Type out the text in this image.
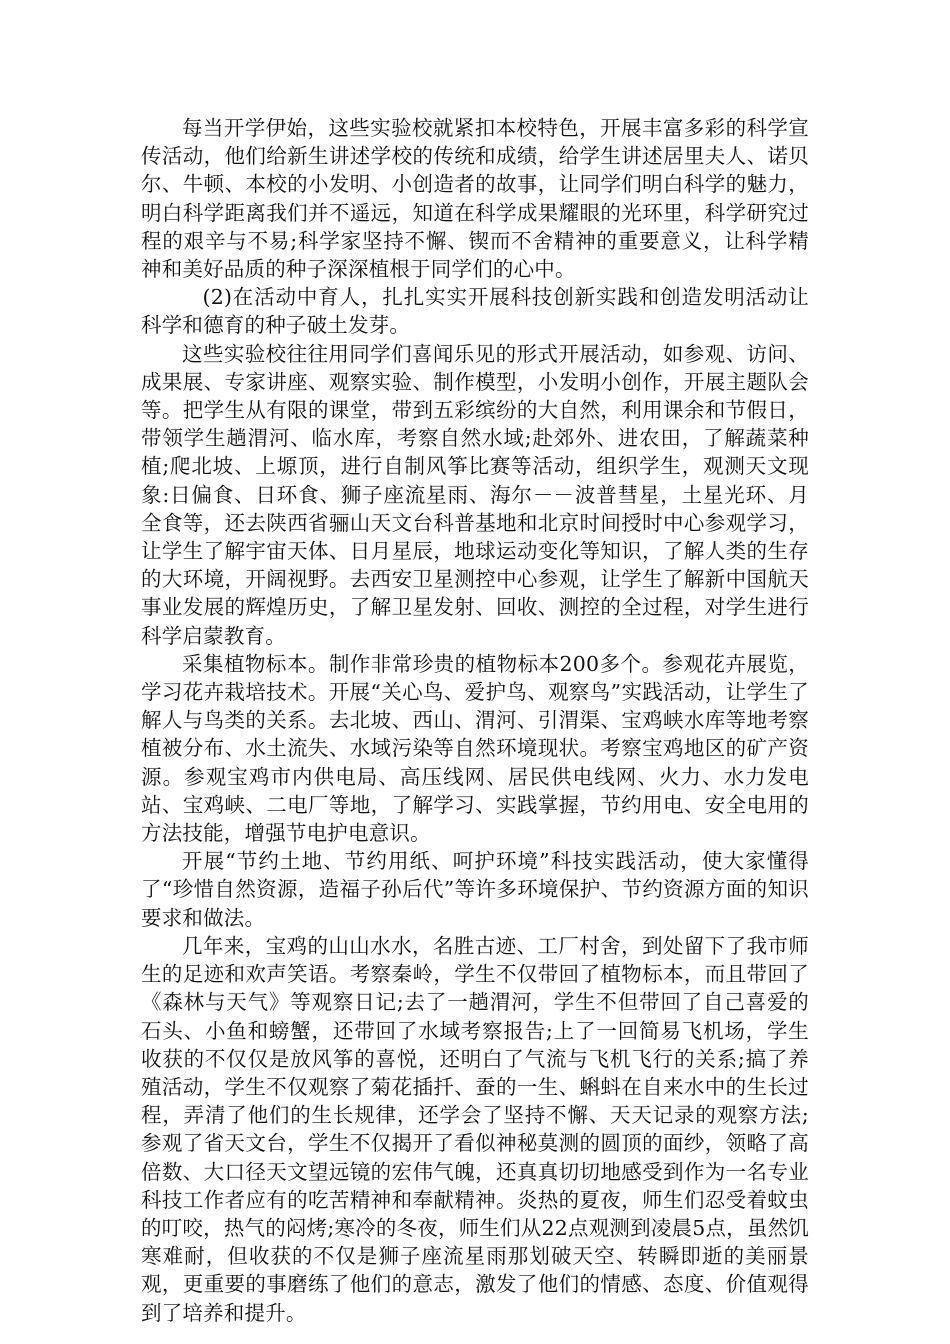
每当开学伊始，这些实验校就紧扣本校特色，开展丰富多彩的科学宣传活动，他们给新生讲述学校的传统和成绩，给学生讲述居里夫人、诺贝尔、牛顿、本校的小发明、小创造者的故事，让同学们明白科学的魅力，明白科学距离我们并不遥远，知道在科学成果耀眼的光环里，科学研究过程的艰辛与不易;科学家坚持不懈、锲而不舍精神的重要意义，让科学精神和美好品质的种子深深植根于同学们的心中。

(2)在活动中育人，扎扎实实开展科技创新实践和创造发明活动让科学和德育的种子破土发芽。

这些实验校往往用同学们喜闻乐见的形式开展活动，如参观、访问、成果展、专家讲座、观察实验、制作模型，小发明小创作，开展主题队会等。把学生从有限的课堂，带到五彩缤纷的大自然，利用课余和节假日，带领学生趟渭河、临水库，考察自然水域;赴郊外、进农田，了解蔬菜种植;爬北坡、上塬顶，进行自制风筝比赛等活动，组织学生，观测天文现象:日偏食、日环食、狮子座流星雨、海尔－－波普彗星，土星光环、月全食等，还去陕西省骊山天文台科普基地和北京时间授时中心参观学习，让学生了解宇宙天体、日月星辰，地球运动变化等知识，了解人类的生存的大环境，开阔视野。去西安卫星测控中心参观，让学生了解新中国航天事业发展的辉煌历史，了解卫星发射、回收、测控的全过程，对学生进行科学启蒙教育。

采集植物标本。制作非常珍贵的植物标本200多个。参观花卉展览，学习花卉栽培技术。开展“关心鸟、爱护鸟、观察鸟”实践活动，让学生了解人与鸟类的关系。去北坡、西山、渭河、引渭渠、宝鸡峡水库等地考察植被分布、水土流失、水域污染等自然环境现状。考察宝鸡地区的矿产资源。参观宝鸡市内供电局、高压线网、居民供电线网、火力、水力发电站、宝鸡峡、二电厂等地，了解学习、实践掌握，节约用电、安全电用的方法技能，增强节电护电意识。

开展“节约土地、节约用纸、呵护环境”科技实践活动，使大家懂得了“珍惜自然资源，造福子孙后代”等许多环境保护、节约资源方面的知识要求和做法。

几年来，宝鸡的山山水水，名胜古迹、工厂村舍，到处留下了我市师生的足迹和欢声笑语。考察秦岭，学生不仅带回了植物标本，而且带回了《森林与天气》等观察日记;去了一趟渭河，学生不但带回了自己喜爱的石头、小鱼和螃蟹，还带回了水域考察报告;上了一回简易飞机场，学生收获的不仅仅是放风筝的喜悦，还明白了气流与飞机飞行的关系;搞了养殖活动，学生不仅观察了菊花插扦、蚕的一生、蝌蚪在自来水中的生长过程，弄清了他们的生长规律，还学会了坚持不懈、天天记录的观察方法;参观了省天文台，学生不仅揭开了看似神秘莫测的圆顶的面纱，领略了高倍数、大口径天文望远镜的宏伟气魄，还真真切切地感受到作为一名专业科技工作者应有的吃苦精神和奉献精神。炎热的夏夜，师生们忍受着蚊虫的叮咬，热气的闷烤;寒冷的冬夜，师生们从22点观测到凌晨5点，虽然饥寒难耐，但收获的不仅是狮子座流星雨那划破天空、转瞬即逝的美丽景观，更重要的事磨练了他们的意志，激发了他们的情感、态度、价值观得到了培养和提升。
